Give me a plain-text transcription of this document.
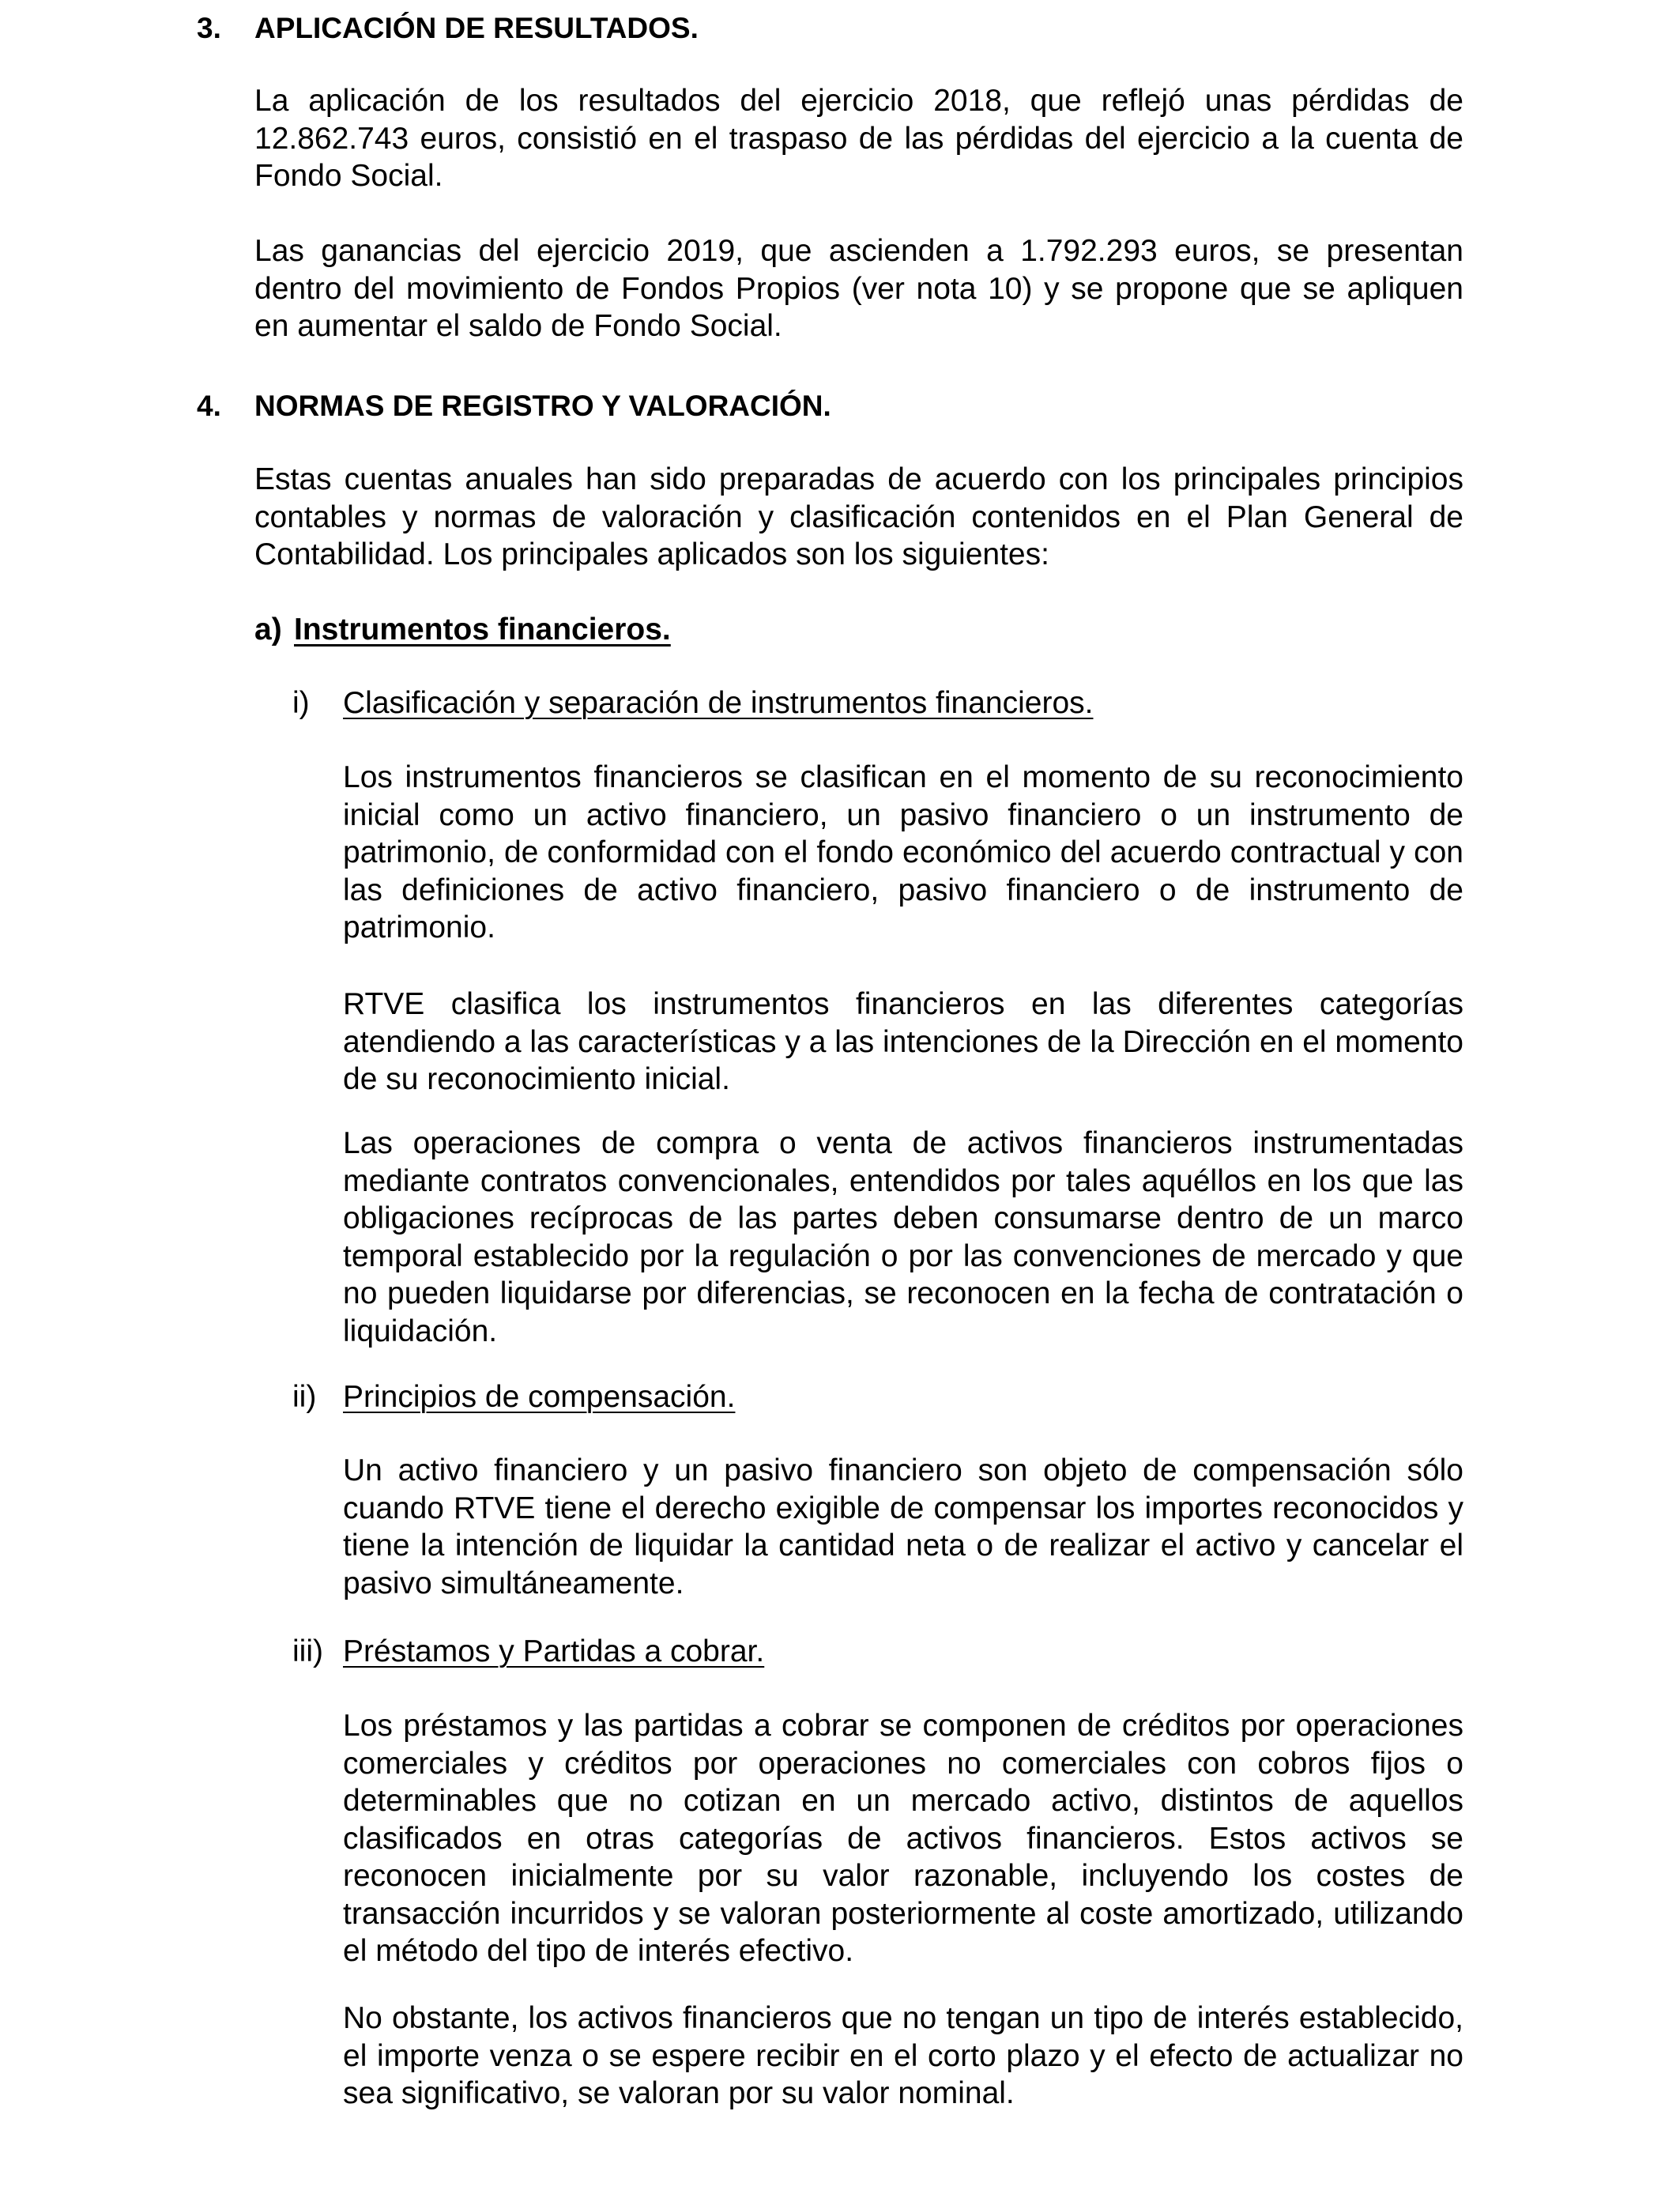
3. APLICACIÓN DE RESULTADOS.

La aplicación de los resultados del ejercicio 2018, que reflejó unas pérdidas de 12.862.743 euros, consistió en el traspaso de las pérdidas del ejercicio a la cuenta de Fondo Social.

Las ganancias del ejercicio 2019, que ascienden a 1.792.293 euros, se presentan dentro del movimiento de Fondos Propios (ver nota 10) y se propone que se apliquen en aumentar el saldo de Fondo Social.

4. NORMAS DE REGISTRO Y VALORACIÓN.

Estas cuentas anuales han sido preparadas de acuerdo con los principales principios contables y normas de valoración y clasificación contenidos en el Plan General de Contabilidad. Los principales aplicados son los siguientes:

a) Instrumentos financieros.

i) Clasificación y separación de instrumentos financieros.

Los instrumentos financieros se clasifican en el momento de su reconocimiento inicial como un activo financiero, un pasivo financiero o un instrumento de patrimonio, de conformidad con el fondo económico del acuerdo contractual y con las definiciones de activo financiero, pasivo financiero o de instrumento de patrimonio.

RTVE clasifica los instrumentos financieros en las diferentes categorías atendiendo a las características y a las intenciones de la Dirección en el momento de su reconocimiento inicial.

Las operaciones de compra o venta de activos financieros instrumentadas mediante contratos convencionales, entendidos por tales aquéllos en los que las obligaciones recíprocas de las partes deben consumarse dentro de un marco temporal establecido por la regulación o por las convenciones de mercado y que no pueden liquidarse por diferencias, se reconocen en la fecha de contratación o liquidación.

ii) Principios de compensación.

Un activo financiero y un pasivo financiero son objeto de compensación sólo cuando RTVE tiene el derecho exigible de compensar los importes reconocidos y tiene la intención de liquidar la cantidad neta o de realizar el activo y cancelar el pasivo simultáneamente.

iii) Préstamos y Partidas a cobrar.

Los préstamos y las partidas a cobrar se componen de créditos por operaciones comerciales y créditos por operaciones no comerciales con cobros fijos o determinables que no cotizan en un mercado activo, distintos de aquellos clasificados en otras categorías de activos financieros. Estos activos se reconocen inicialmente por su valor razonable, incluyendo los costes de transacción incurridos y se valoran posteriormente al coste amortizado, utilizando el método del tipo de interés efectivo.

No obstante, los activos financieros que no tengan un tipo de interés establecido, el importe venza o se espere recibir en el corto plazo y el efecto de actualizar no sea significativo, se valoran por su valor nominal.
